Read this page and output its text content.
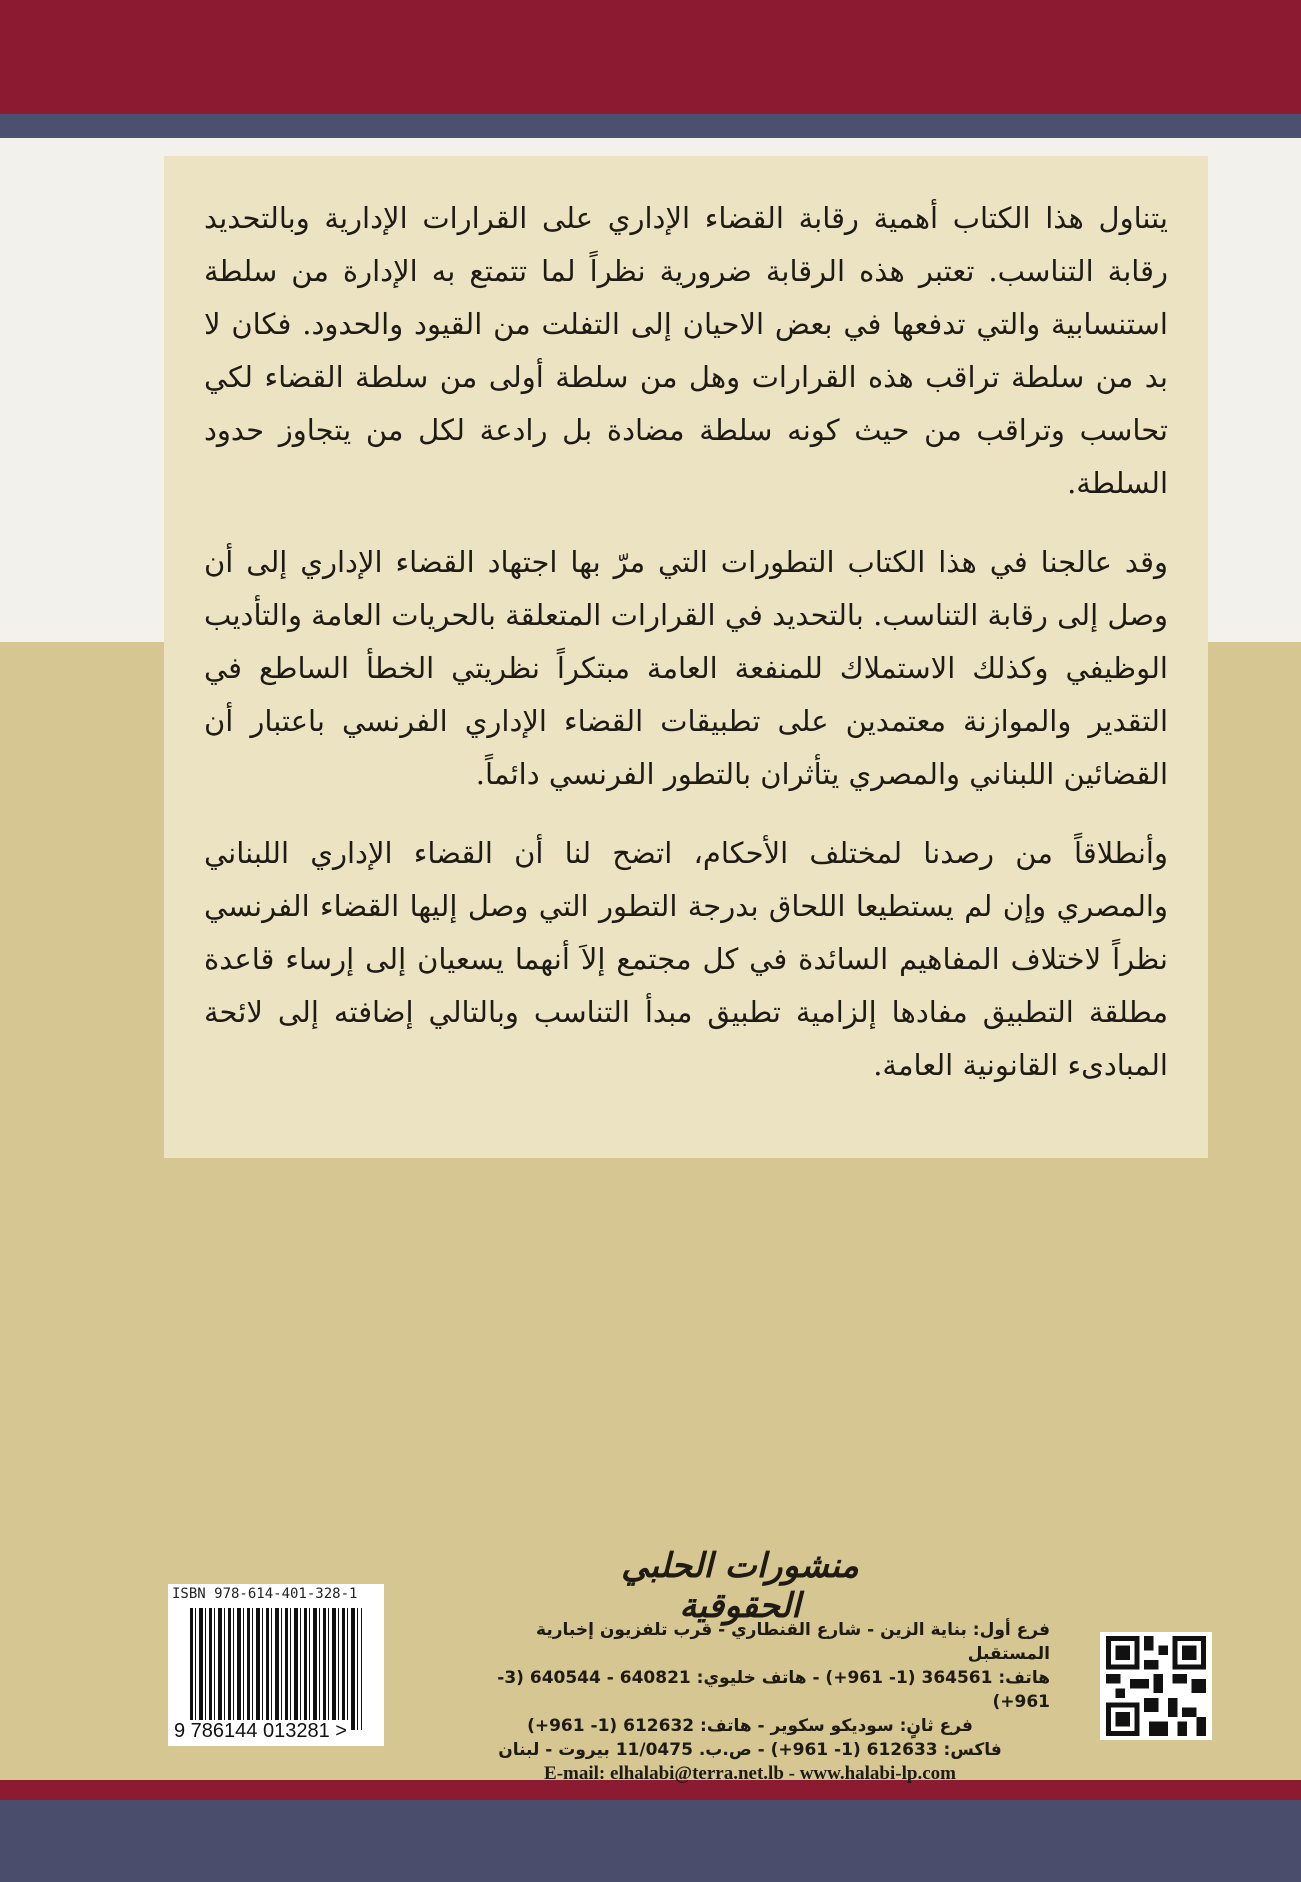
يتناول هذا الكتاب أهمية رقابة القضاء الإداري على القرارات الإدارية وبالتحديد رقابة التناسب. تعتبر هذه الرقابة ضرورية نظراً لما تتمتع به الإدارة من سلطة استنسابية والتي تدفعها في بعض الاحيان إلى التفلت من القيود والحدود. فكان لا بد من سلطة تراقب هذه القرارات وهل من سلطة أولى من سلطة القضاء لكي تحاسب وتراقب من حيث كونه سلطة مضادة بل رادعة لكل من يتجاوز حدود السلطة.

وقد عالجنا في هذا الكتاب التطورات التي مرّ بها اجتهاد القضاء الإداري إلى أن وصل إلى رقابة التناسب. بالتحديد في القرارات المتعلقة بالحريات العامة والتأديب الوظيفي وكذلك الاستملاك للمنفعة العامة مبتكراً نظريتي الخطأ الساطع في التقدير والموازنة معتمدين على تطبيقات القضاء الإداري الفرنسي باعتبار أن القضائين اللبناني والمصري يتأثران بالتطور الفرنسي دائماً.

وأنطلاقاً من رصدنا لمختلف الأحكام، اتضح لنا أن القضاء الإداري اللبناني والمصري وإن لم يستطيعا اللحاق بدرجة التطور التي وصل إليها القضاء الفرنسي نظراً لاختلاف المفاهيم السائدة في كل مجتمع إلاَ أنهما يسعيان إلى إرساء قاعدة مطلقة التطبيق مفادها إلزامية تطبيق مبدأ التناسب وبالتالي إضافته إلى لائحة المبادىء القانونية العامة.

منشورات الحلبي الحقوقية
فرع أول: بناية الزين - شارع القنطاري - قرب تلفزيون إخبارية المستقبل
هاتف: 364561 (1- 961+) - هاتف خليوي: 640821 - 640544 (3- 961+)
فرع ثانٍ: سوديكو سكوير - هاتف: 612632 (1- 961+)
فاكس: 612633 (1- 961+) - ص.ب. 11/0475 بيروت - لبنان
E-mail: elhalabi@terra.net.lb - www.halabi-lp.com
ISBN 978-614-401-328-1
9 786144 013281 >
